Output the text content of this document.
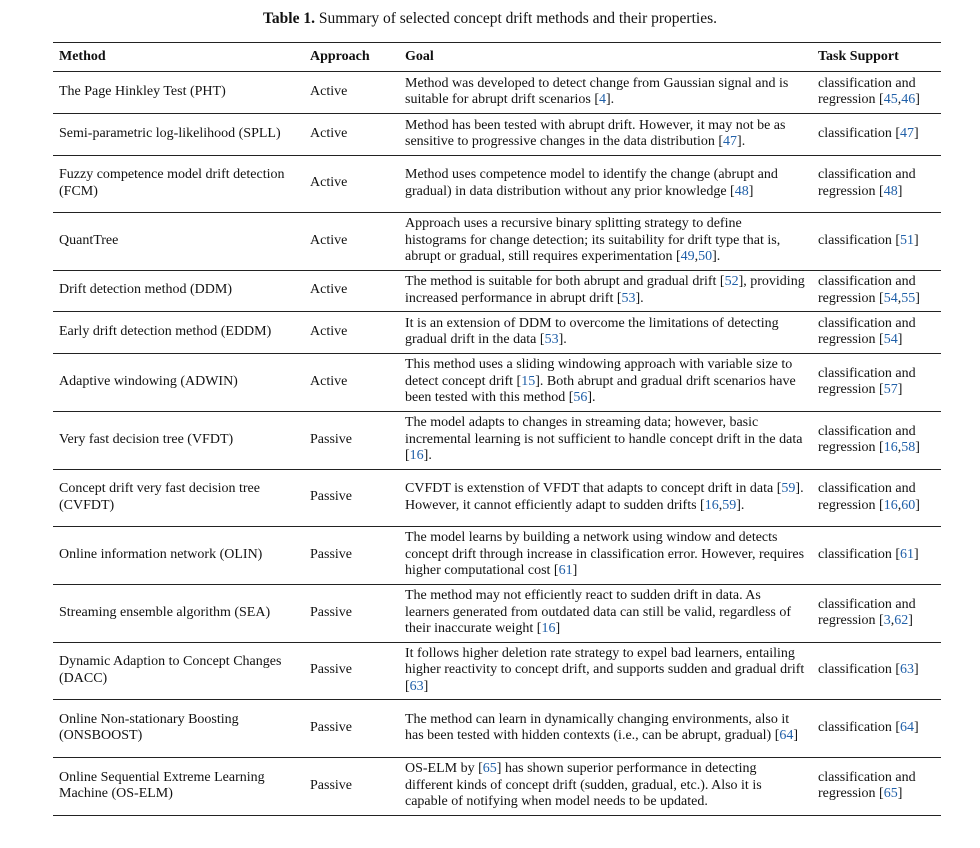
Table 1. Summary of selected concept drift methods and their properties.
Method	Approach	Goal	Task Support
The Page Hinkley Test (PHT)	Active	Method was developed to detect change from Gaussian signal and is suitable for abrupt drift scenarios [4].	classification and regression [45,46]
Semi-parametric log-likelihood (SPLL)	Active	Method has been tested with abrupt drift. However, it may not be as sensitive to progressive changes in the data distribution [47].	classification [47]
Fuzzy competence model drift detection (FCM)	Active	Method uses competence model to identify the change (abrupt and gradual) in data distribution without any prior knowledge [48]	classification and regression [48]
QuantTree	Active	Approach uses a recursive binary splitting strategy to define histograms for change detection; its suitability for drift type that is, abrupt or gradual, still requires experimentation [49,50].	classification [51]
Drift detection method (DDM)	Active	The method is suitable for both abrupt and gradual drift [52], providing increased performance in abrupt drift [53].	classification and regression [54,55]
Early drift detection method (EDDM)	Active	It is an extension of DDM to overcome the limitations of detecting gradual drift in the data [53].	classification and regression [54]
Adaptive windowing (ADWIN)	Active	This method uses a sliding windowing approach with variable size to detect concept drift [15]. Both abrupt and gradual drift scenarios have been tested with this method [56].	classification and regression [57]
Very fast decision tree (VFDT)	Passive	The model adapts to changes in streaming data; however, basic incremental learning is not sufficient to handle concept drift in the data [16].	classification and regression [16,58]
Concept drift very fast decision tree (CVFDT)	Passive	CVFDT is extenstion of VFDT that adapts to concept drift in data [59]. However, it cannot efficiently adapt to sudden drifts [16,59].	classification and regression [16,60]
Online information network (OLIN)	Passive	The model learns by building a network using window and detects concept drift through increase in classification error. However, requires higher computational cost [61]	classification [61]
Streaming ensemble algorithm (SEA)	Passive	The method may not efficiently react to sudden drift in data. As learners generated from outdated data can still be valid, regardless of their inaccurate weight [16]	classification and regression [3,62]
Dynamic Adaption to Concept Changes (DACC)	Passive	It follows higher deletion rate strategy to expel bad learners, entailing higher reactivity to concept drift, and supports sudden and gradual drift [63]	classification [63]
Online Non-stationary Boosting (ONSBOOST)	Passive	The method can learn in dynamically changing environments, also it has been tested with hidden contexts (i.e., can be abrupt, gradual) [64]	classification [64]
Online Sequential Extreme Learning Machine (OS-ELM)	Passive	OS-ELM by [65] has shown superior performance in detecting different kinds of concept drift (sudden, gradual, etc.). Also it is capable of notifying when model needs to be updated.	classification and regression [65]
